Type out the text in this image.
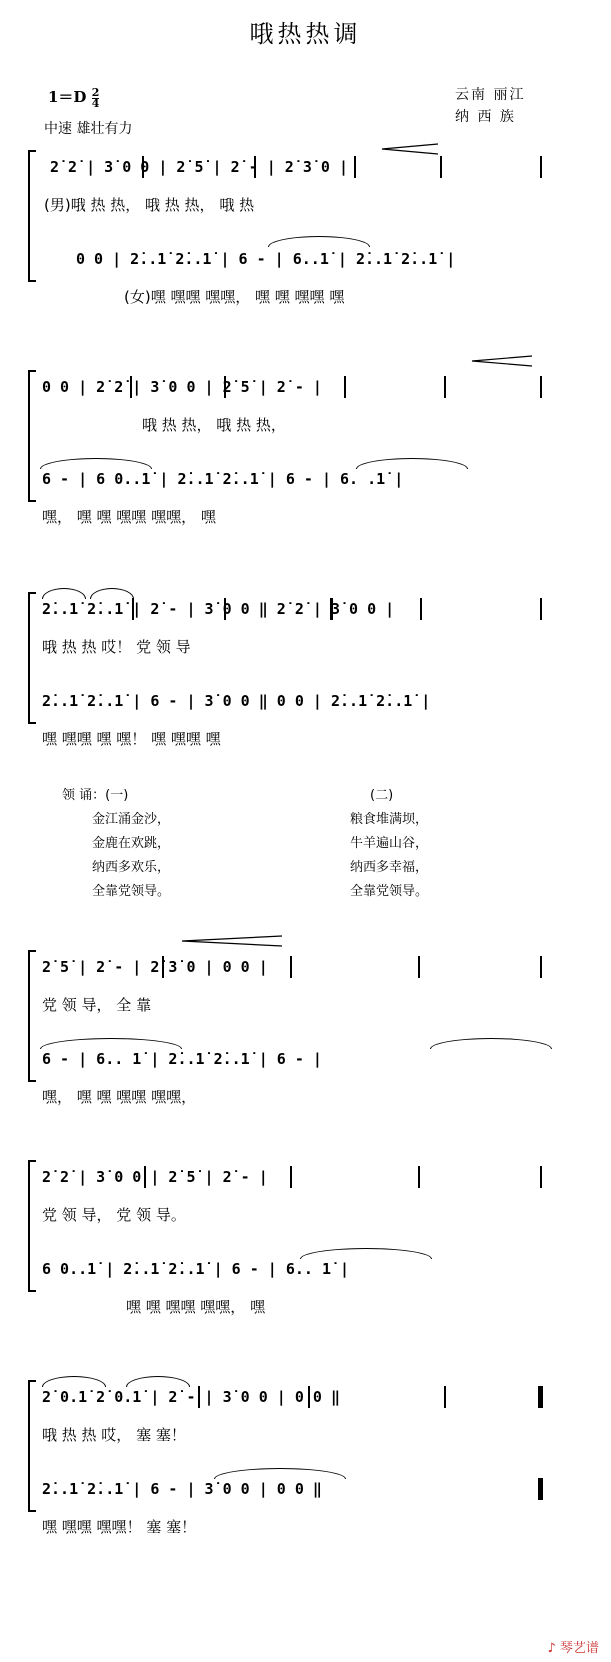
哦热热调
$1=D \frac{2}{4}$
中速 雄壮有力
云南 丽江
纳 西 族
2̇ 2̇ | 3̇ 0 0 | 2̇ 5̇ | 2̇ - | 2̇ 3̇ 0 |
(男)哦 热 热， 哦 热 热， 哦 热
0 0 | 2̇..1̇ 2̇..1̇ | 6 - | 6..1̇ | 2̇..1̇ 2̇..1̇ |
(女)嘿 嘿嘿 嘿嘿， 嘿 嘿 嘿嘿 嘿
0 0 | 2̇ 2̇ | 3̇ 0 0 | 2̇ 5̇ | 2̇ - |
哦 热 热， 哦 热 热，
6 - | 6 0..1̇ | 2̇..1̇ 2̇..1̇ | 6 - | 6. .1̇ |
嘿， 嘿 嘿 嘿嘿 嘿嘿， 嘿
2̇..1̇ 2̇..1̇ | 2̇ - | 3̇ 0 0 ‖ 2̇ 2̇ | 3̇ 0 0 |
哦 热 热 哎！ 党 领 导
2̇..1̇ 2̇..1̇ | 6 - | 3̇ 0 0 ‖ 0 0 | 2̇..1̇ 2̇..1̇ |
嘿 嘿嘿 嘿 嘿！ 嘿 嘿嘿 嘿
领 诵：(一)	(二)
金江涌金沙，
金鹿在欢跳，
纳西多欢乐，
全靠党领导。
粮食堆满坝，
牛羊遍山谷，
纳西多幸福，
全靠党领导。
2̇ 5̇ | 2̇ - | 2̇ 3̇ 0 | 0 0 |
党 领 导， 全 靠
6 - | 6.. 1̇ | 2̇..1̇ 2̇..1̇ | 6 - |
嘿， 嘿 嘿 嘿嘿 嘿嘿，
2̇ 2̇ | 3̇ 0 0 | 2̇ 5̇ | 2̇ - |
党 领 导， 党 领 导。
6 0..1̇ | 2̇..1̇ 2̇..1̇ | 6 - | 6.. 1̇ |
嘿 嘿 嘿嘿 嘿嘿， 嘿
2̇ 0.1̇ 2̇ 0.1̇ | 2̇ - | 3̇ 0 0 | 0 0 ‖
哦 热 热 哎， 塞 塞！
2̇..1̇ 2̇..1̇ | 6 - | 3̇ 0 0 | 0 0 ‖
嘿 嘿嘿 嘿嘿！ 塞 塞！
♪ 琴艺谱
